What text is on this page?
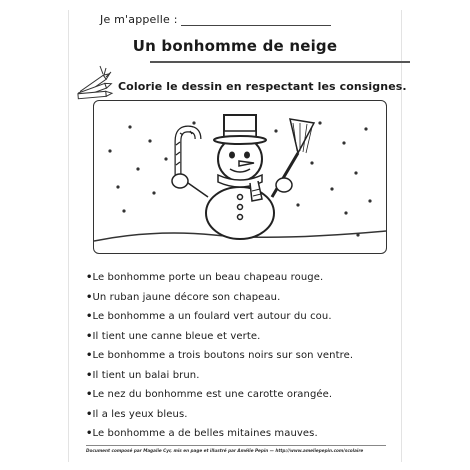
Je m'appelle :
Un bonhomme de neige
Colorie le dessin en respectant les consignes.
• Le bonhomme porte un beau chapeau rouge.
• Un ruban jaune décore son chapeau.
• Le bonhomme a un foulard vert autour du cou.
• Il tient une canne bleue et verte.
• Le bonhomme a trois boutons noirs sur son ventre.
• Il tient un balai brun.
• Le nez du bonhomme est une carotte orangée.
• Il a les yeux bleus.
• Le bonhomme a de belles mitaines mauves.
Document composé par Magalie Cyr, mis en page et illustré par Amélie Pepin — http://www.ameliepepin.com/scolaire
